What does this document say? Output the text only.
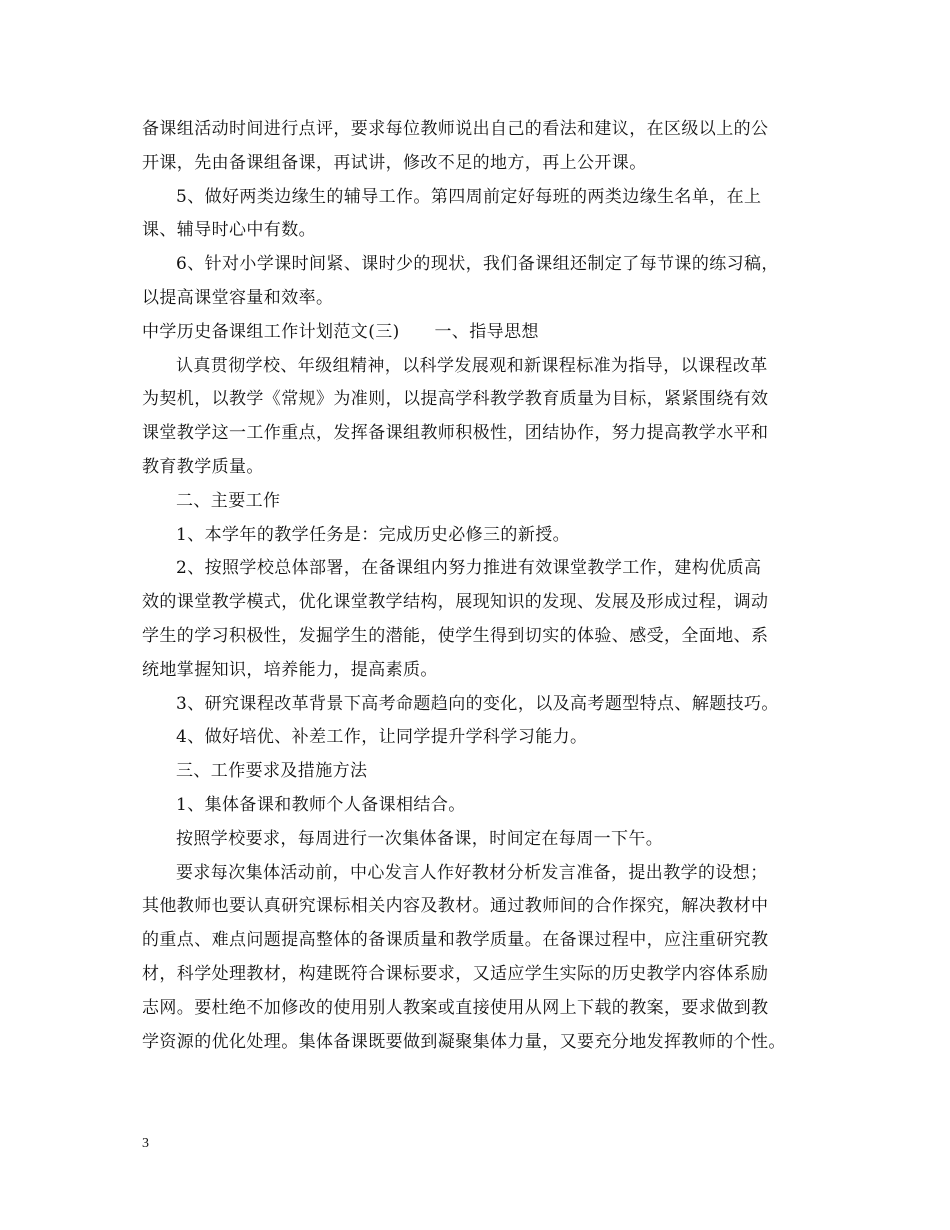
备课组活动时间进行点评，要求每位教师说出自己的看法和建议，在区级以上的公
开课，先由备课组备课，再试讲，修改不足的地方，再上公开课。
5、做好两类边缘生的辅导工作。第四周前定好每班的两类边缘生名单，在上
课、辅导时心中有数。
6、针对小学课时间紧、课时少的现状，我们备课组还制定了每节课的练习稿，
以提高课堂容量和效率。
中学历史备课组工作计划范文(三)　　一、指导思想
认真贯彻学校、年级组精神，以科学发展观和新课程标准为指导，以课程改革
为契机，以教学《常规》为准则，以提高学科教学教育质量为目标，紧紧围绕有效
课堂教学这一工作重点，发挥备课组教师积极性，团结协作，努力提高教学水平和
教育教学质量。
二、主要工作
1、本学年的教学任务是：完成历史必修三的新授。
2、按照学校总体部署，在备课组内努力推进有效课堂教学工作，建构优质高
效的课堂教学模式，优化课堂教学结构，展现知识的发现、发展及形成过程，调动
学生的学习积极性，发掘学生的潜能，使学生得到切实的体验、感受，全面地、系
统地掌握知识，培养能力，提高素质。
3、研究课程改革背景下高考命题趋向的变化，以及高考题型特点、解题技巧。
4、做好培优、补差工作，让同学提升学科学习能力。
三、工作要求及措施方法
1、集体备课和教师个人备课相结合。
按照学校要求，每周进行一次集体备课，时间定在每周一下午。
要求每次集体活动前，中心发言人作好教材分析发言准备，提出教学的设想；
其他教师也要认真研究课标相关内容及教材。通过教师间的合作探究，解决教材中
的重点、难点问题提高整体的备课质量和教学质量。在备课过程中，应注重研究教
材，科学处理教材，构建既符合课标要求，又适应学生实际的历史教学内容体系励
志网。要杜绝不加修改的使用别人教案或直接使用从网上下载的教案，要求做到教
学资源的优化处理。集体备课既要做到凝聚集体力量，又要充分地发挥教师的个性。
3
